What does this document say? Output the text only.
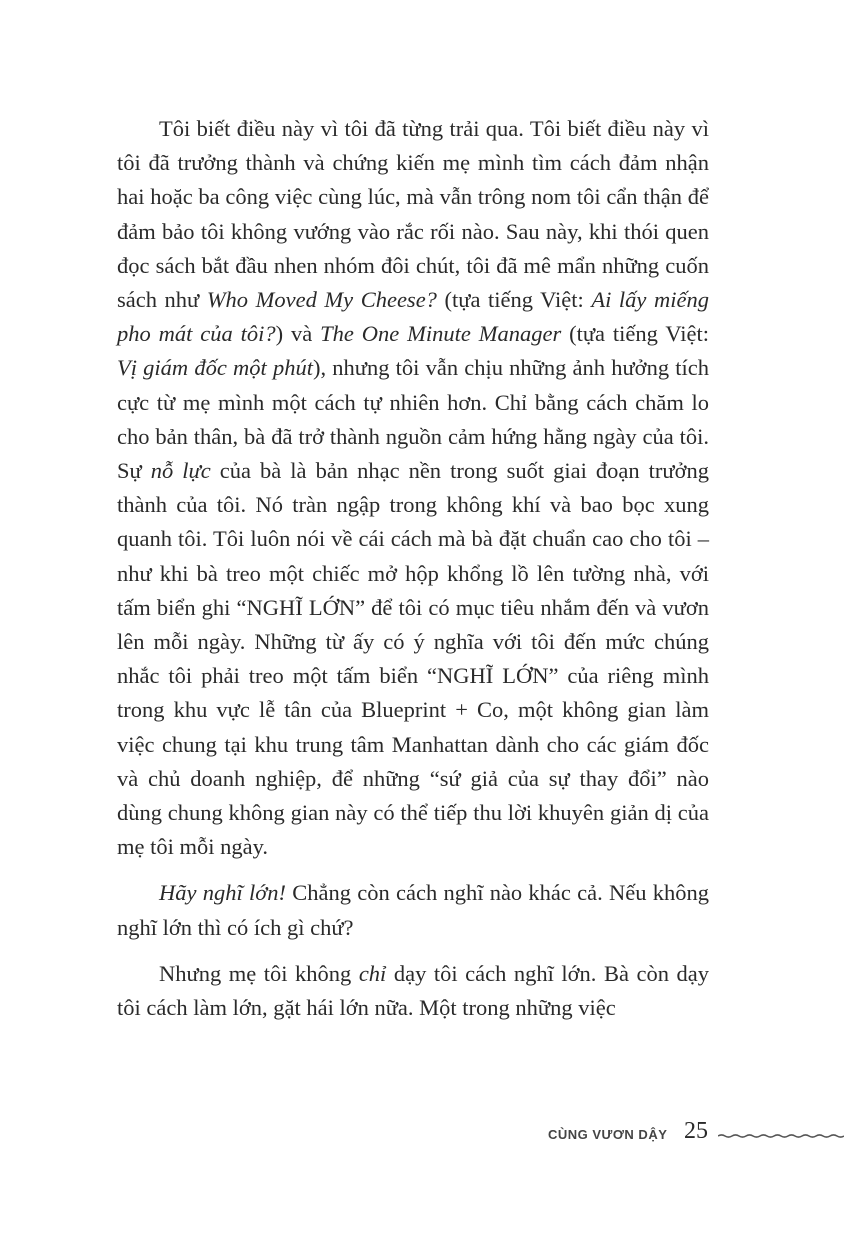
Tôi biết điều này vì tôi đã từng trải qua. Tôi biết điều này vì tôi đã trưởng thành và chứng kiến mẹ mình tìm cách đảm nhận hai hoặc ba công việc cùng lúc, mà vẫn trông nom tôi cẩn thận để đảm bảo tôi không vướng vào rắc rối nào. Sau này, khi thói quen đọc sách bắt đầu nhen nhóm đôi chút, tôi đã mê mẩn những cuốn sách như Who Moved My Cheese? (tựa tiếng Việt: Ai lấy miếng pho mát của tôi?) và The One Minute Manager (tựa tiếng Việt: Vị giám đốc một phút), nhưng tôi vẫn chịu những ảnh hưởng tích cực từ mẹ mình một cách tự nhiên hơn. Chỉ bằng cách chăm lo cho bản thân, bà đã trở thành nguồn cảm hứng hằng ngày của tôi. Sự nỗ lực của bà là bản nhạc nền trong suốt giai đoạn trưởng thành của tôi. Nó tràn ngập trong không khí và bao bọc xung quanh tôi. Tôi luôn nói về cái cách mà bà đặt chuẩn cao cho tôi – như khi bà treo một chiếc mở hộp khổng lồ lên tường nhà, với tấm biển ghi “NGHĨ LỚN” để tôi có mục tiêu nhắm đến và vươn lên mỗi ngày. Những từ ấy có ý nghĩa với tôi đến mức chúng nhắc tôi phải treo một tấm biển “NGHĨ LỚN” của riêng mình trong khu vực lễ tân của Blueprint + Co, một không gian làm việc chung tại khu trung tâm Manhattan dành cho các giám đốc và chủ doanh nghiệp, để những “sứ giả của sự thay đổi” nào dùng chung không gian này có thể tiếp thu lời khuyên giản dị của mẹ tôi mỗi ngày.

Hãy nghĩ lớn! Chẳng còn cách nghĩ nào khác cả. Nếu không nghĩ lớn thì có ích gì chứ?

Nhưng mẹ tôi không chỉ dạy tôi cách nghĩ lớn. Bà còn dạy tôi cách làm lớn, gặt hái lớn nữa. Một trong những việc

CÙNG VƯƠN DẬY 25
